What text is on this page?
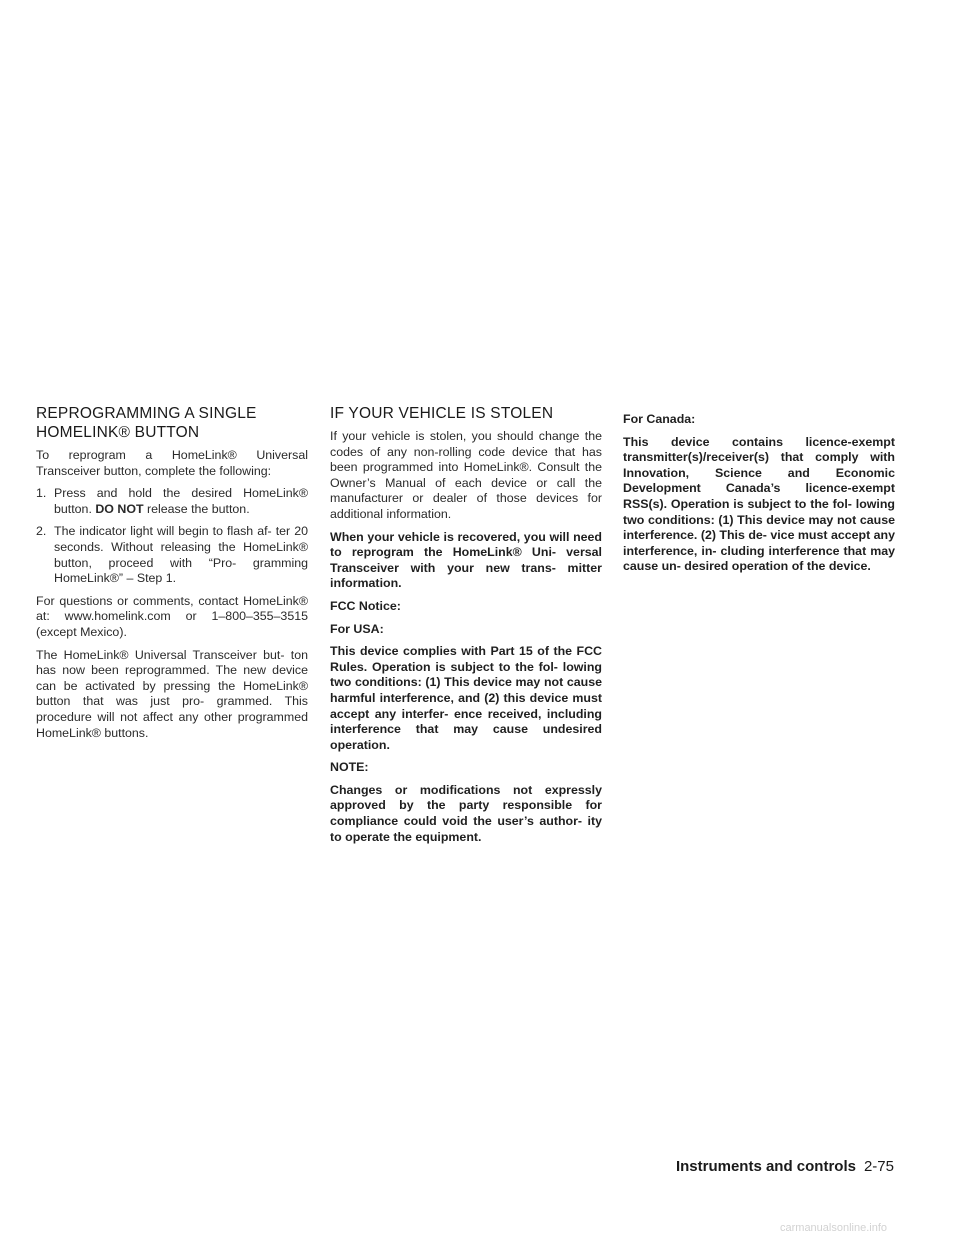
REPROGRAMMING A SINGLE
HOMELINK® BUTTON

To reprogram a HomeLink® Universal Transceiver button, complete the following:

1. Press and hold the desired HomeLink® button. DO NOT release the button.

2. The indicator light will begin to flash af- ter 20 seconds. Without releasing the HomeLink® button, proceed with “Pro- gramming HomeLink®” – Step 1.

For questions or comments, contact HomeLink® at: www.homelink.com or 1–800–355–3515 (except Mexico).

The HomeLink® Universal Transceiver but- ton has now been reprogrammed. The new device can be activated by pressing the HomeLink® button that was just pro- grammed. This procedure will not affect any other programmed HomeLink® buttons.

IF YOUR VEHICLE IS STOLEN

If your vehicle is stolen, you should change the codes of any non-rolling code device that has been programmed into HomeLink®. Consult the Owner’s Manual of each device or call the manufacturer or dealer of those devices for additional information.

When your vehicle is recovered, you will need to reprogram the HomeLink® Uni- versal Transceiver with your new trans- mitter information.

FCC Notice:

For USA:

This device complies with Part 15 of the FCC Rules. Operation is subject to the fol- lowing two conditions: (1) This device may not cause harmful interference, and (2) this device must accept any interfer- ence received, including interference that may cause undesired operation.

NOTE:

Changes or modifications not expressly approved by the party responsible for compliance could void the user’s author- ity to operate the equipment.

For Canada:

This device contains licence-exempt transmitter(s)/receiver(s) that comply with Innovation, Science and Economic Development Canada’s licence-exempt RSS(s). Operation is subject to the fol- lowing two conditions: (1) This device may not cause interference. (2) This de- vice must accept any interference, in- cluding interference that may cause un- desired operation of the device.

Instruments and controls 2-75
carmanualsonline.info
